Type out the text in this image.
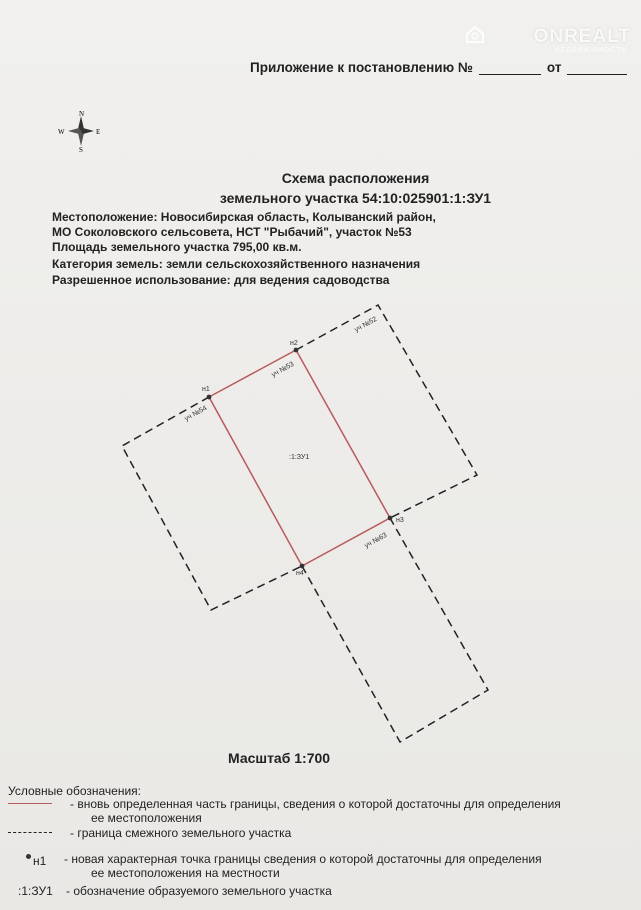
ONREALT
НЕДВИЖИМОСТЬ
Приложение к постановлению №	от
N
S
W	E
Схема расположения
земельного участка 54:10:025901:1:ЗУ1
Местоположение: Новосибирская область, Колыванский район,
МО Соколовского сельсовета, НСТ "Рыбачий", участок №53
Площадь земельного участка 795,00 кв.м.
Категория земель: земли сельскохозяйственного назначения
Разрешенное использование: для ведения садоводства
н1
н2
н3
н4
уч №52
уч №53
уч №54
уч №63
:1:ЗУ1
Масштаб 1:700
Условные обозначения:
- вновь определенная часть границы, сведения о которой достаточны для определения
ее местоположения
- граница смежного земельного участка
н1 - новая характерная точка границы сведения о которой достаточны для определения
ее местоположения на местности
:1:ЗУ1 - обозначение образуемого земельного участка
